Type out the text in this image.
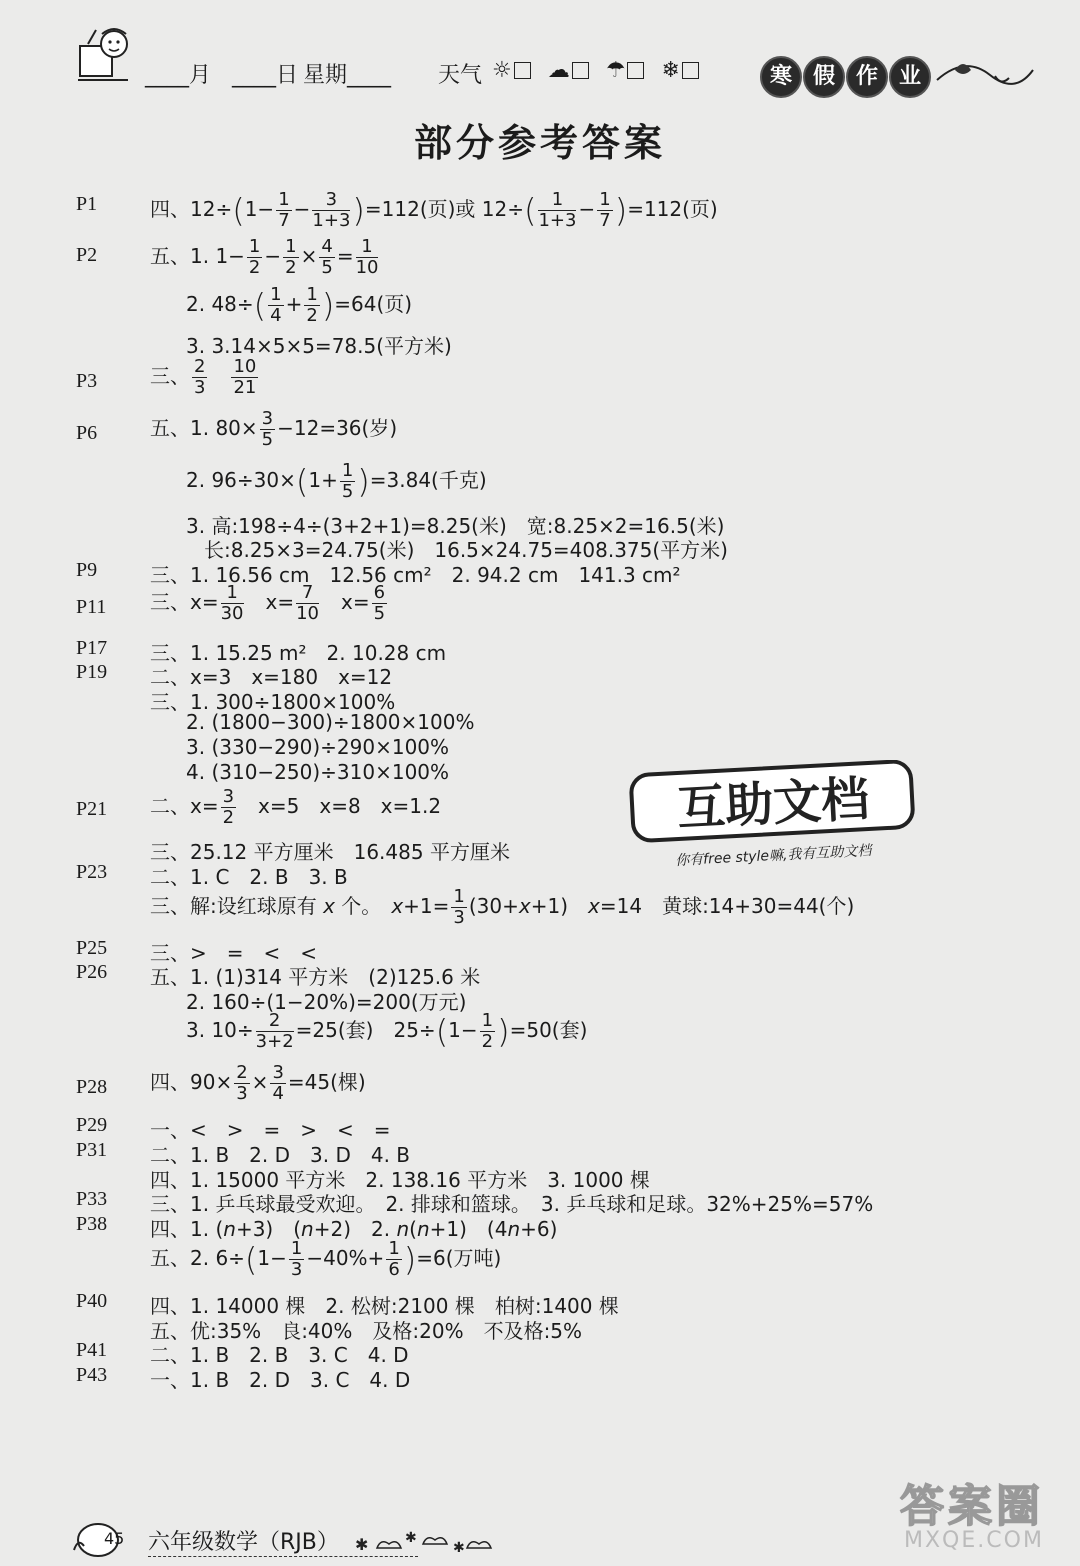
____月 ____日 星期____ 天气 ☼ ☁ ☂ ❄	寒 假 作 业
部分参考答案
P1	四、$12\div(1- \frac{1}{7} - \frac{3}{1+3} )=112$(页)或 $12\div( \frac{1}{1+3} - \frac{1}{7} )=112$(页)
P2	五、1. $1- \frac{1}{2} - \frac{1}{2} \times \frac{4}{5} = \frac{1}{10}$
2. $48\div( \frac{1}{4} + \frac{1}{2} )=64$(页)
3. 3.14×5×5=78.5(平方米)
P3	三、 $\frac{2}{3}$
　 $\frac{10}{21}$
P6	五、1. $80\times \frac{3}{5} -12=36$(岁)
2. $96\div 30\times(1+ \frac{1}{5} )=3.84$(千克)
3. 高:198÷4÷(3+2+1)=8.25(米)　宽:8.25×2=16.5(米)
长:8.25×3=24.75(米)　16.5×24.75=408.375(平方米)
P9	三、1. 16.56 cm　12.56 cm²　2. 94.2 cm　141.3 cm²
P11 三、$x= \frac{1}{30}$ 　$x= \frac{7}{10}$ 　$x= \frac{6}{5}$
P17 三、1. 15.25 m²　2. 10.28 cm
P19 二、x=3　x=180　x=12
三、1. 300÷1800×100%
2. (1800−300)÷1800×100%
3. (330−290)÷290×100%
4. (310−250)÷310×100%
P21 二、$x= \frac{3}{2}$ 　x=5　x=8　x=1.2
三、25.12 平方厘米　16.485 平方厘米
P23 二、1. C　2. B　3. B
三、解:设红球原有 x 个。　$x+1= \frac{1}{3} (30+x+1)$　x=14　黄球:14+30=44(个)
P25 三、>　=　<　<
P26 五、1. (1)314 平方米　(2)125.6 米
2. 160÷(1−20%)=200(万元)
3. $10\div \frac{2}{3+2} =25$(套)　$25\div(1- \frac{1}{2} )=50$(套)
P28 四、$90\times \frac{2}{3} \times \frac{3}{4} =45$(棵)
P29 一、<　>　=　>　<　=
P31 二、1. B　2. D　3. D　4. B
四、1. 15000 平方米　2. 138.16 平方米　3. 1000 棵
P33 三、1. 乒乓球最受欢迎。　2. 排球和篮球。　3. 乒乓球和足球。32%+25%=57%
P38 四、1. (n+3)　(n+2)　2. n(n+1)　(4n+6)
五、2. $6\div(1- \frac{1}{3} -40\%+ \frac{1}{6} )=6$(万吨)
P40 四、1. 14000 棵　2. 松树:2100 棵　柏树:1400 棵
五、优:35%　良:40%　及格:20%　不及格:5%
P41 二、1. B　2. B　3. C　4. D
P43 一、1. B　2. D　3. C　4. D
互助文档
你有free style嘛,我有互助文档
45 六年级数学（RJB） ✱	✱
✱
答案圈
MXQE.COM
